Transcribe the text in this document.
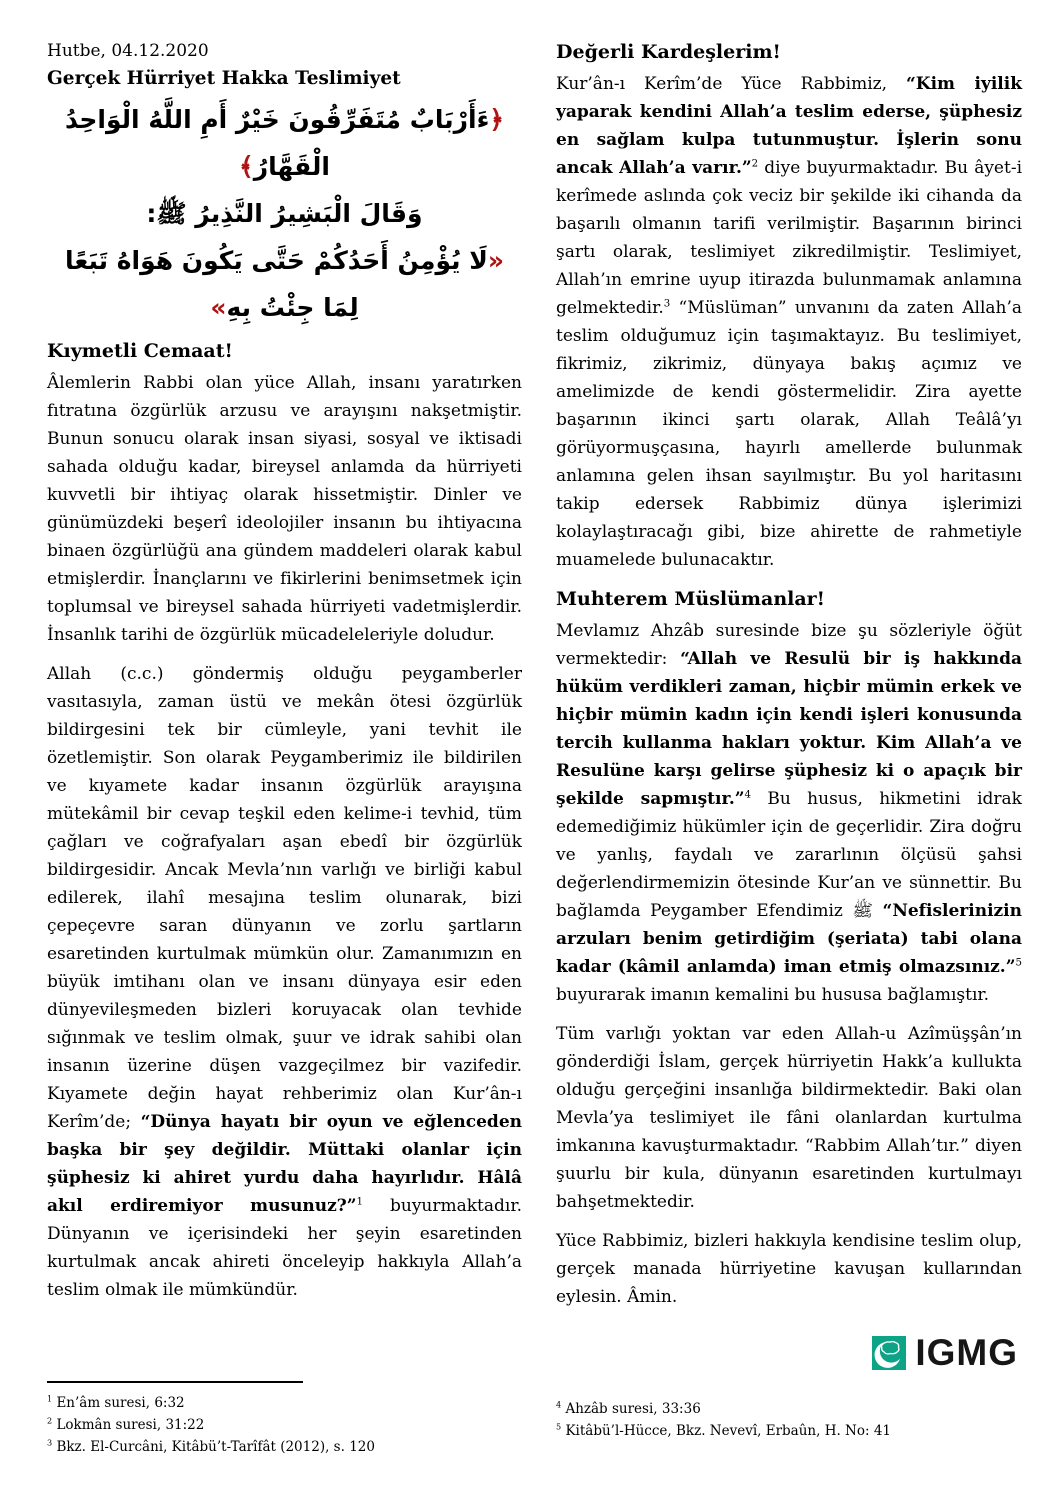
Hutbe, 04.12.2020

Gerçek Hürriyet Hakka Teslimiyet

﴿ءَأَرْبَابٌ مُتَفَرِّقُونَ خَيْرٌ أَمِ اللَّهُ الْوَاحِدُ الْقَهَّارُ﴾
وَقَالَ الْبَشِيرُ النَّذِيرُ ﷺ:
«لَا يُؤْمِنُ أَحَدُكُمْ حَتَّى يَكُونَ هَوَاهُ تَبَعًا لِمَا جِئْتُ بِهِ»
Kıymetli Cemaat!

Âlemlerin Rabbi olan yüce Allah, insanı yaratırken fıtratına özgürlük arzusu ve arayışını nakşetmiştir. Bunun sonucu olarak insan siyasi, sosyal ve iktisadi sahada olduğu kadar, bireysel anlamda da hürriyeti kuvvetli bir ihtiyaç olarak hissetmiştir. Dinler ve günümüzdeki beşerî ideolojiler insanın bu ihtiyacına binaen özgürlüğü ana gündem maddeleri olarak kabul etmişlerdir. İnançlarını ve fikirlerini benimsetmek için toplumsal ve bireysel sahada hürriyeti vadetmişlerdir. İnsanlık tarihi de özgürlük mücadeleleriyle doludur.

Allah (c.c.) göndermiş olduğu peygamberler vasıtasıyla, zaman üstü ve mekân ötesi özgürlük bildirgesini tek bir cümleyle, yani tevhit ile özetlemiştir. Son olarak Peygamberimiz ile bildirilen ve kıyamete kadar insanın özgürlük arayışına mütekâmil bir cevap teşkil eden kelime-i tevhid, tüm çağları ve coğrafyaları aşan ebedî bir özgürlük bildirgesidir. Ancak Mevla’nın varlığı ve birliği kabul edilerek, ilahî mesajına teslim olunarak, bizi çepeçevre saran dünyanın ve zorlu şartların esaretinden kurtulmak mümkün olur. Zamanımızın en büyük imtihanı olan ve insanı dünyaya esir eden dünyevileşmeden bizleri koruyacak olan tevhide sığınmak ve teslim olmak, şuur ve idrak sahibi olan insanın üzerine düşen vazgeçilmez bir vazifedir. Kıyamete değin hayat rehberimiz olan Kur’ân-ı Kerîm’de; “Dünya hayatı bir oyun ve eğlenceden başka bir şey değildir. Müttaki olanlar için şüphesiz ki ahiret yurdu daha hayırlıdır. Hâlâ akıl erdiremiyor musunuz?”$^1$ buyurmaktadır. Dünyanın ve içerisindeki her şeyin esaretinden kurtulmak ancak ahireti önceleyip hakkıyla Allah’a teslim olmak ile mümkündür.

Değerli Kardeşlerim!

Kur’ân-ı Kerîm’de Yüce Rabbimiz, “Kim iyilik yaparak kendini Allah’a teslim ederse, şüphesiz en sağlam kulpa tutunmuştur. İşlerin sonu ancak Allah’a varır.”$^2$ diye buyurmaktadır. Bu âyet-i kerîmede aslında çok veciz bir şekilde iki cihanda da başarılı olmanın tarifi verilmiştir. Başarının birinci şartı olarak, teslimiyet zikredilmiştir. Teslimiyet, Allah’ın emrine uyup itirazda bulunmamak anlamına gelmektedir.$^3$ “Müslüman” unvanını da zaten Allah’a teslim olduğumuz için taşımaktayız. Bu teslimiyet, fikrimiz, zikrimiz, dünyaya bakış açımız ve amelimizde de kendi göstermelidir. Zira ayette başarının ikinci şartı olarak, Allah Teâlâ’yı görüyormuşçasına, hayırlı amellerde bulunmak anlamına gelen ihsan sayılmıştır. Bu yol haritasını takip edersek Rabbimiz dünya işlerimizi kolaylaştıracağı gibi, bize ahirette de rahmetiyle muamelede bulunacaktır.

Muhterem Müslümanlar!

Mevlamız Ahzâb suresinde bize şu sözleriyle öğüt vermektedir: “Allah ve Resulü bir iş hakkında hüküm verdikleri zaman, hiçbir mümin erkek ve hiçbir mümin kadın için kendi işleri konusunda tercih kullanma hakları yoktur. Kim Allah’a ve Resulüne karşı gelirse şüphesiz ki o apaçık bir şekilde sapmıştır.”$^4$ Bu husus, hikmetini idrak edemediğimiz hükümler için de geçerlidir. Zira doğru ve yanlış, faydalı ve zararlının ölçüsü şahsi değerlendirmemizin ötesinde Kur’an ve sünnettir. Bu bağlamda Peygamber Efendimiz ﷺ “Nefislerinizin arzuları benim getirdiğim (şeriata) tabi olana kadar (kâmil anlamda) iman etmiş olmazsınız.”$^5$ buyurarak imanın kemalini bu hususa bağlamıştır.

Tüm varlığı yoktan var eden Allah-u Azîmüşşân’ın gönderdiği İslam, gerçek hürriyetin Hakk’a kullukta olduğu gerçeğini insanlığa bildirmektedir. Baki olan Mevla’ya teslimiyet ile fâni olanlardan kurtulma imkanına kavuşturmaktadır. “Rabbim Allah’tır.” diyen şuurlu bir kula, dünyanın esaretinden kurtulmayı bahşetmektedir.

Yüce Rabbimiz, bizleri hakkıyla kendisine teslim olup, gerçek manada hürriyetine kavuşan kullarından eylesin. Âmin.

IGMG

$^1$ En’âm suresi, 6:32

$^2$ Lokmân suresi, 31:22

$^3$ Bkz. El-Curcâni, Kitâbü’t-Tarîfât (2012), s. 120

$^4$ Ahzâb suresi, 33:36

$^5$ Kitâbü’l-Hücce, Bkz. Nevevî, Erbaûn, H. No: 41
